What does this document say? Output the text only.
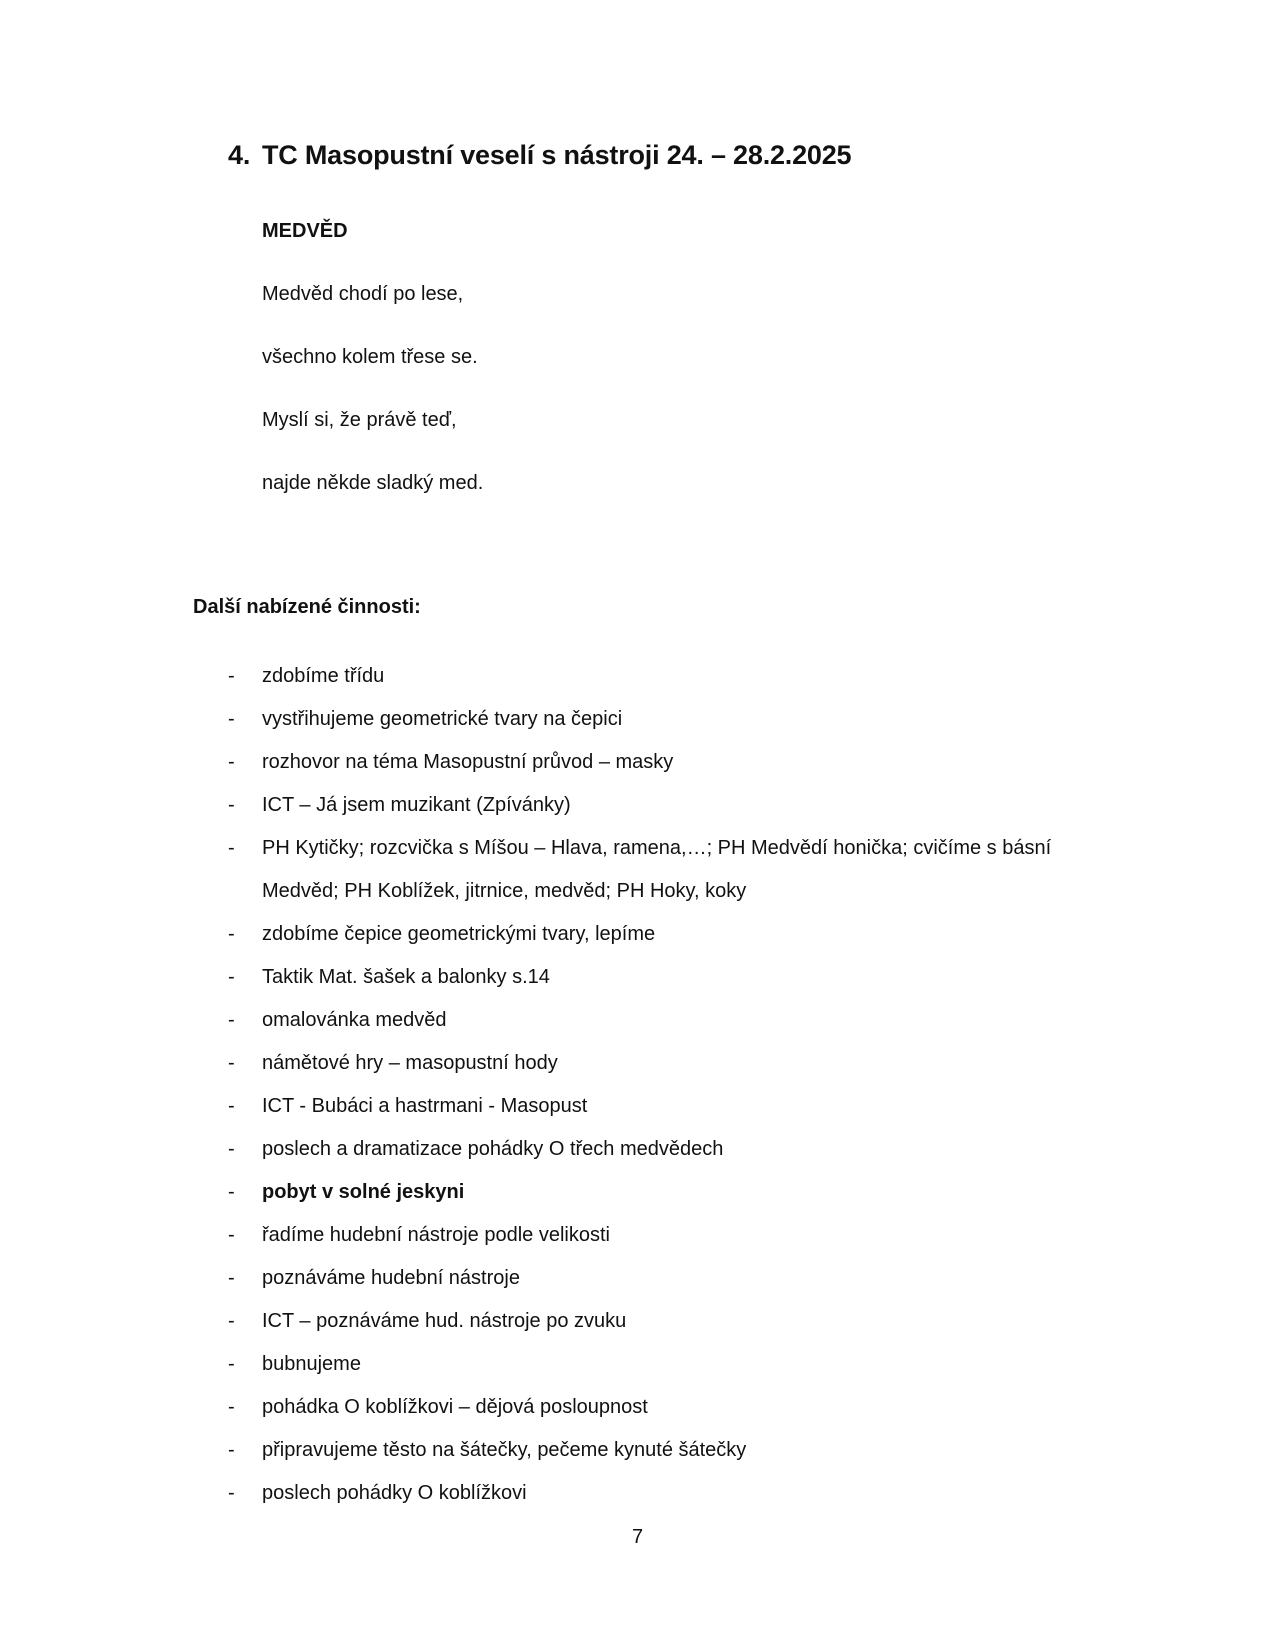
4. TC Masopustní veselí s nástroji 24. – 28.2.2025

MEDVĚD

Medvěd chodí po lese,

všechno kolem třese se.

Myslí si, že právě teď,

najde někde sladký med.

Další nabízené činnosti:

-	zdobíme třídu
-	vystřihujeme geometrické tvary na čepici
-	rozhovor na téma Masopustní průvod – masky
-	ICT – Já jsem muzikant (Zpívánky)
-	PH Kytičky; rozcvička s Míšou – Hlava, ramena,…; PH Medvědí honička; cvičíme s básní Medvěd; PH Koblížek, jitrnice, medvěd; PH Hoky, koky
-	zdobíme čepice geometrickými tvary, lepíme
-	Taktik Mat. šašek a balonky s.14
-	omalovánka medvěd
-	námětové hry – masopustní hody
-	ICT - Bubáci a hastrmani - Masopust
-	poslech a dramatizace pohádky O třech medvědech
-	pobyt v solné jeskyni
-	řadíme hudební nástroje podle velikosti
-	poznáváme hudební nástroje
-	ICT – poznáváme hud. nástroje po zvuku
-	bubnujeme
-	pohádka O koblížkovi – dějová posloupnost
-	připravujeme těsto na šátečky, pečeme kynuté šátečky
-	poslech pohádky O koblížkovi
7
